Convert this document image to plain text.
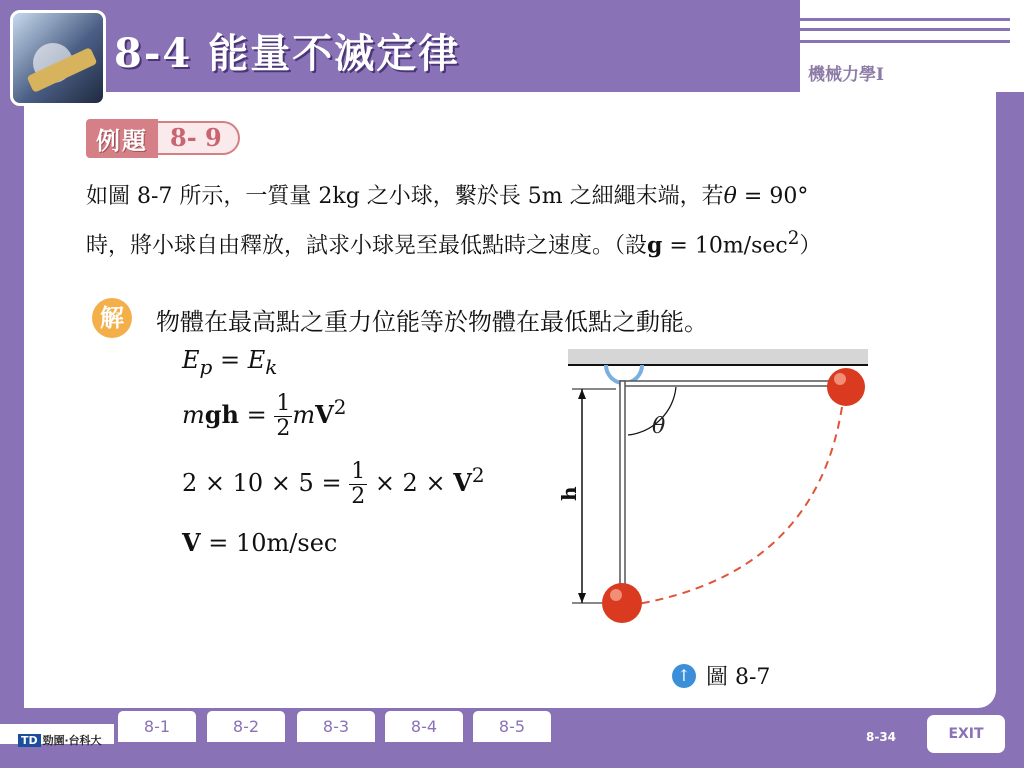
8-4 能量不滅定律	機械力學I
例題 8- 9
如圖 8-7 所示，一質量 2kg 之小球，繫於長 5m 之細繩末端，若θ = 90°
時，將小球自由釋放，試求小球晃至最低點時之速度。（設$g = 10m/\sec^2$）
解	物體在最高點之重力位能等於物體在最低點之動能。
$E_p = E_k$
mgh = $\frac{1}{2} mV^2$
$2 \times 10 \times 5 = \frac{1}{2} \times 2 \times V^2$
V = 10m/sec
θ
h
↑ 圖 8-7
TD 勁園‧台科大
8-1	8-2	8-3	8-4	8-5
8-34	EXIT
